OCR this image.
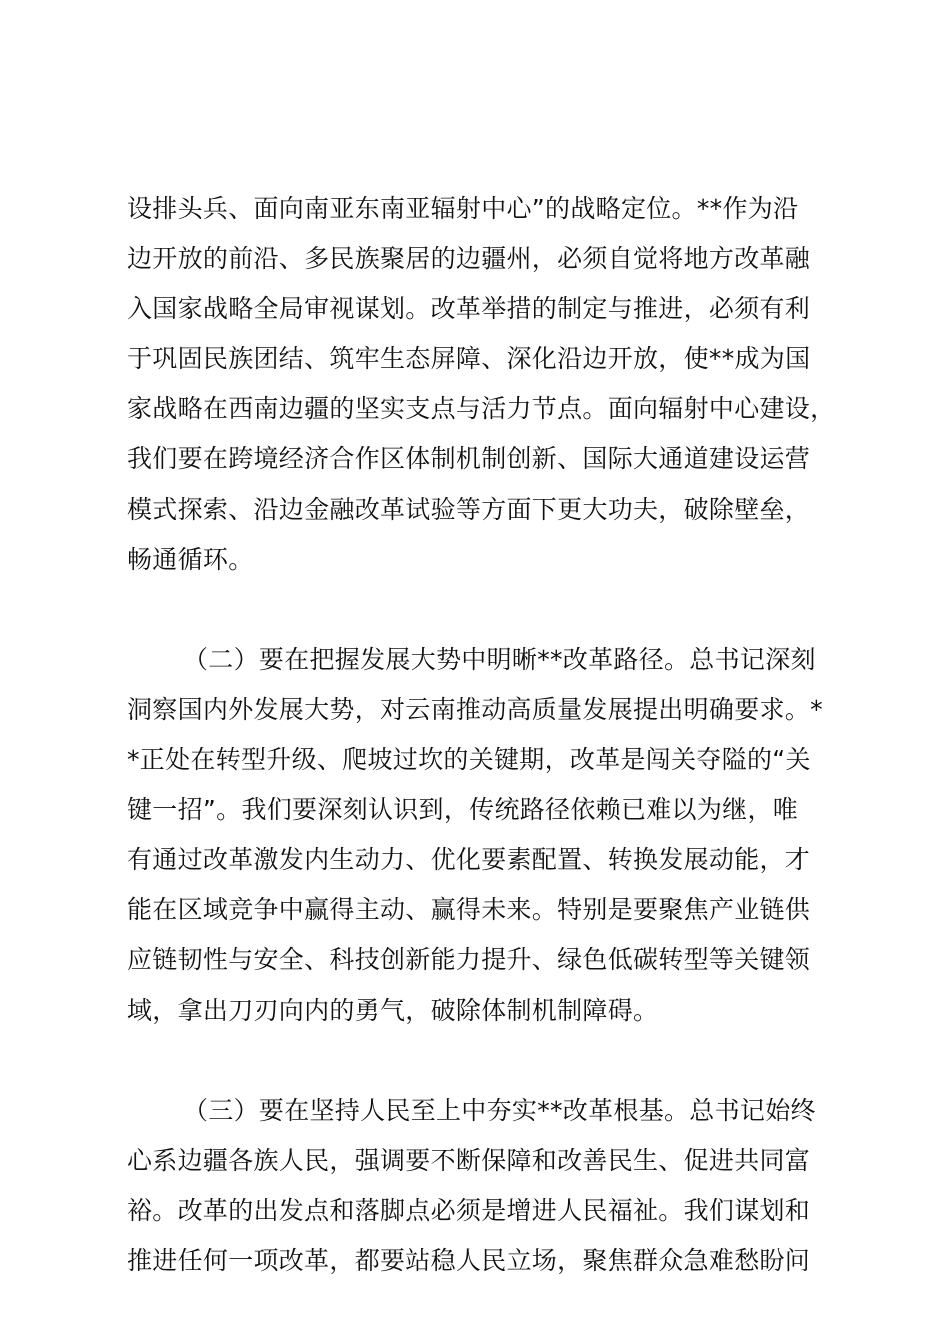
设排头兵、面向南亚东南亚辐射中心”的战略定位。**作为沿
边开放的前沿、多民族聚居的边疆州，必须自觉将地方改革融
入国家战略全局审视谋划。改革举措的制定与推进，必须有利
于巩固民族团结、筑牢生态屏障、深化沿边开放，使**成为国
家战略在西南边疆的坚实支点与活力节点。面向辐射中心建设，
我们要在跨境经济合作区体制机制创新、国际大通道建设运营
模式探索、沿边金融改革试验等方面下更大功夫，破除壁垒，
畅通循环。
（二）要在把握发展大势中明晰**改革路径。总书记深刻
洞察国内外发展大势，对云南推动高质量发展提出明确要求。*
*正处在转型升级、爬坡过坎的关键期，改革是闯关夺隘的“关
键一招”。我们要深刻认识到，传统路径依赖已难以为继，唯
有通过改革激发内生动力、优化要素配置、转换发展动能，才
能在区域竞争中赢得主动、赢得未来。特别是要聚焦产业链供
应链韧性与安全、科技创新能力提升、绿色低碳转型等关键领
域，拿出刀刃向内的勇气，破除体制机制障碍。
（三）要在坚持人民至上中夯实**改革根基。总书记始终
心系边疆各族人民，强调要不断保障和改善民生、促进共同富
裕。改革的出发点和落脚点必须是增进人民福祉。我们谋划和
推进任何一项改革，都要站稳人民立场，聚焦群众急难愁盼问
